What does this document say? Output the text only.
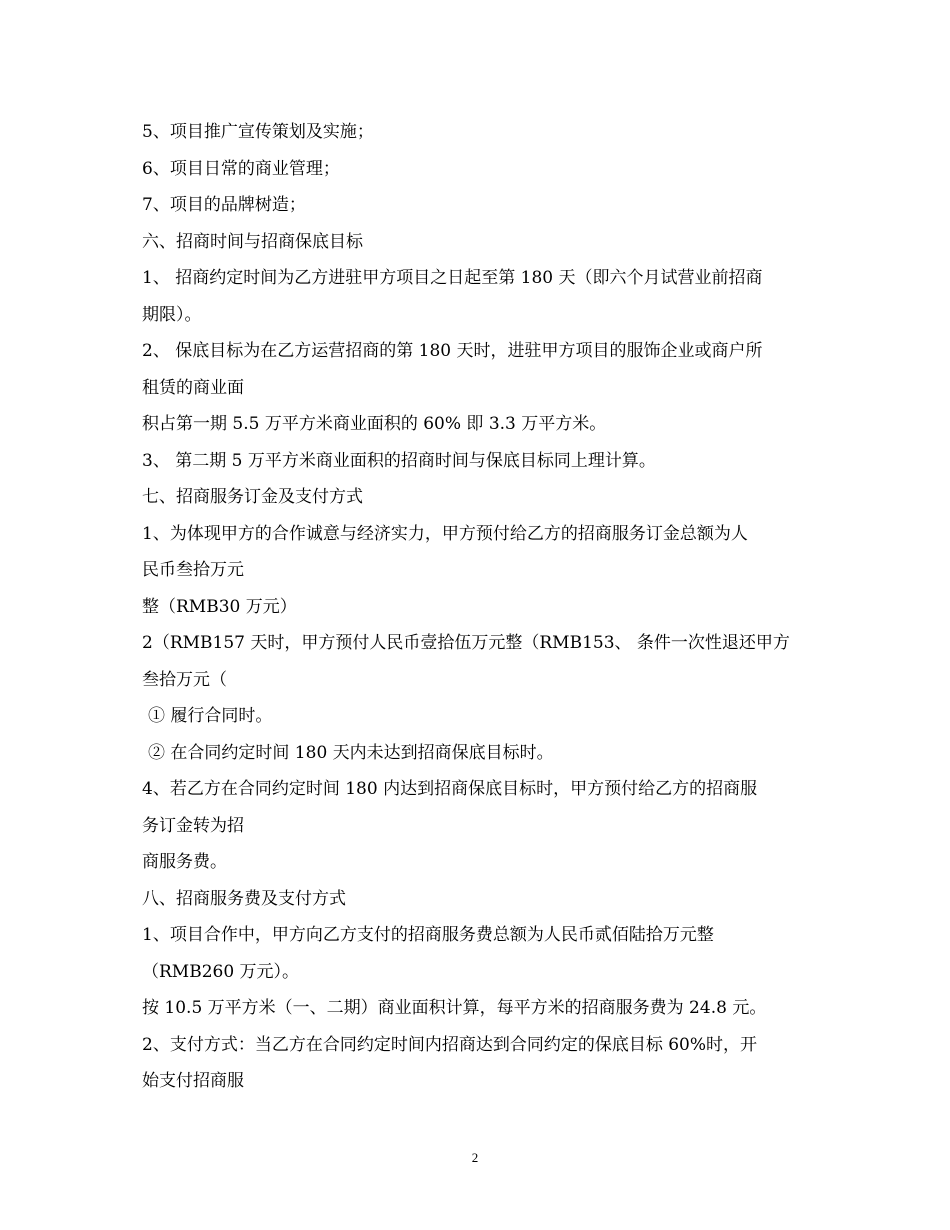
5、项目推广宣传策划及实施；
6、项目日常的商业管理；
7、项目的品牌树造；
六、招商时间与招商保底目标
1、 招商约定时间为乙方进驻甲方项目之日起至第 180 天（即六个月试营业前招商
期限）。
2、 保底目标为在乙方运营招商的第 180 天时，进驻甲方项目的服饰企业或商户所
租赁的商业面
积占第一期 5.5 万平方米商业面积的 60% 即 3.3 万平方米。
3、 第二期 5 万平方米商业面积的招商时间与保底目标同上理计算。
七、招商服务订金及支付方式
1、为体现甲方的合作诚意与经济实力，甲方预付给乙方的招商服务订金总额为人
民币叁拾万元
整（RMB30 万元）
2（RMB157 天时，甲方预付人民币壹拾伍万元整（RMB153、 条件一次性退还甲方
叁拾万元（
① 履行合同时。
② 在合同约定时间 180 天内未达到招商保底目标时。
4、若乙方在合同约定时间 180 内达到招商保底目标时，甲方预付给乙方的招商服
务订金转为招
商服务费。
八、招商服务费及支付方式
1、项目合作中，甲方向乙方支付的招商服务费总额为人民币贰佰陆拾万元整
（RMB260 万元）。
按 10.5 万平方米（一、二期）商业面积计算，每平方米的招商服务费为 24.8 元。
2、支付方式：当乙方在合同约定时间内招商达到合同约定的保底目标 60%时，开
始支付招商服
2
